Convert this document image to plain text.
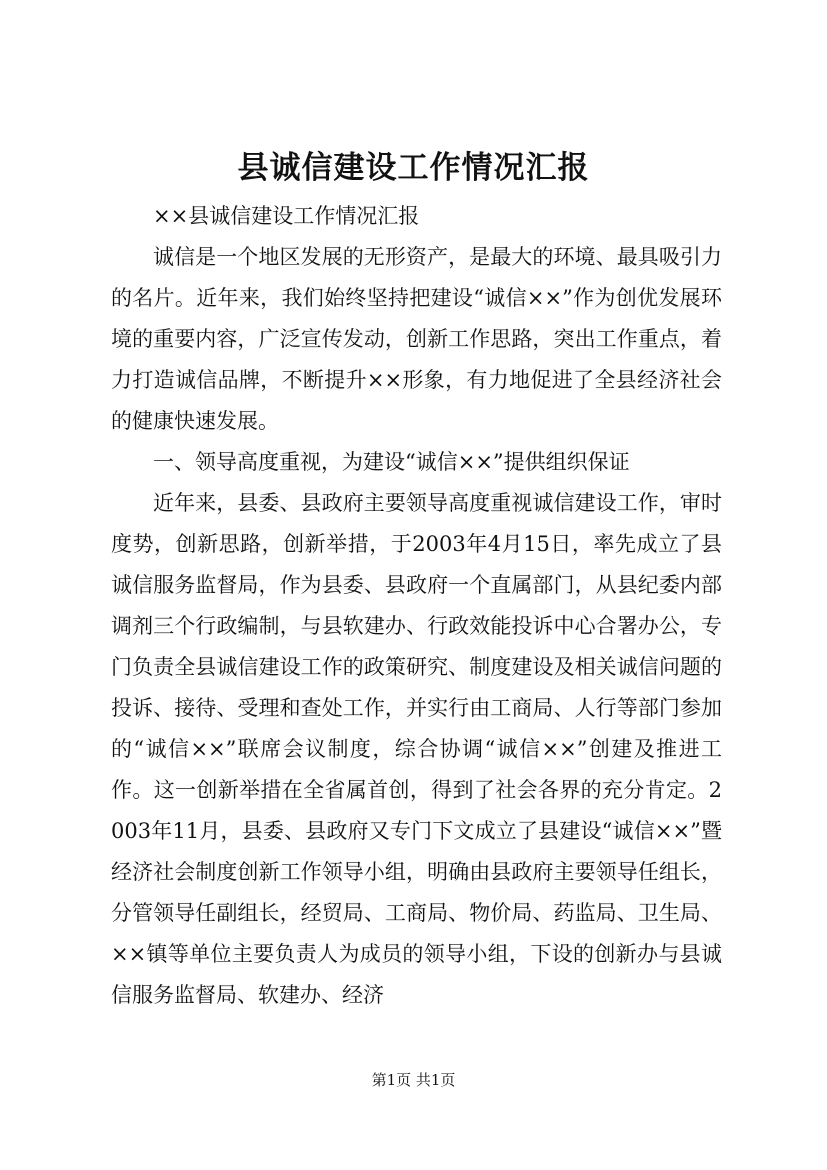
县诚信建设工作情况汇报

××县诚信建设工作情况汇报

诚信是一个地区发展的无形资产，是最大的环境、最具吸引力的名片。近年来，我们始终坚持把建设“诚信××”作为创优发展环境的重要内容，广泛宣传发动，创新工作思路，突出工作重点，着力打造诚信品牌，不断提升××形象，有力地促进了全县经济社会的健康快速发展。

一、领导高度重视，为建设“诚信××”提供组织保证

近年来，县委、县政府主要领导高度重视诚信建设工作，审时度势，创新思路，创新举措，于2003年4月15日，率先成立了县诚信服务监督局，作为县委、县政府一个直属部门，从县纪委内部调剂三个行政编制，与县软建办、行政效能投诉中心合署办公，专门负责全县诚信建设工作的政策研究、制度建设及相关诚信问题的投诉、接待、受理和查处工作，并实行由工商局、人行等部门参加的“诚信××”联席会议制度，综合协调“诚信××”创建及推进工作。这一创新举措在全省属首创，得到了社会各界的充分肯定。2003年11月，县委、县政府又专门下文成立了县建设“诚信××”暨经济社会制度创新工作领导小组，明确由县政府主要领导任组长，分管领导任副组长，经贸局、工商局、物价局、药监局、卫生局、××镇等单位主要负责人为成员的领导小组，下设的创新办与县诚信服务监督局、软建办、经济

第1页 共1页
